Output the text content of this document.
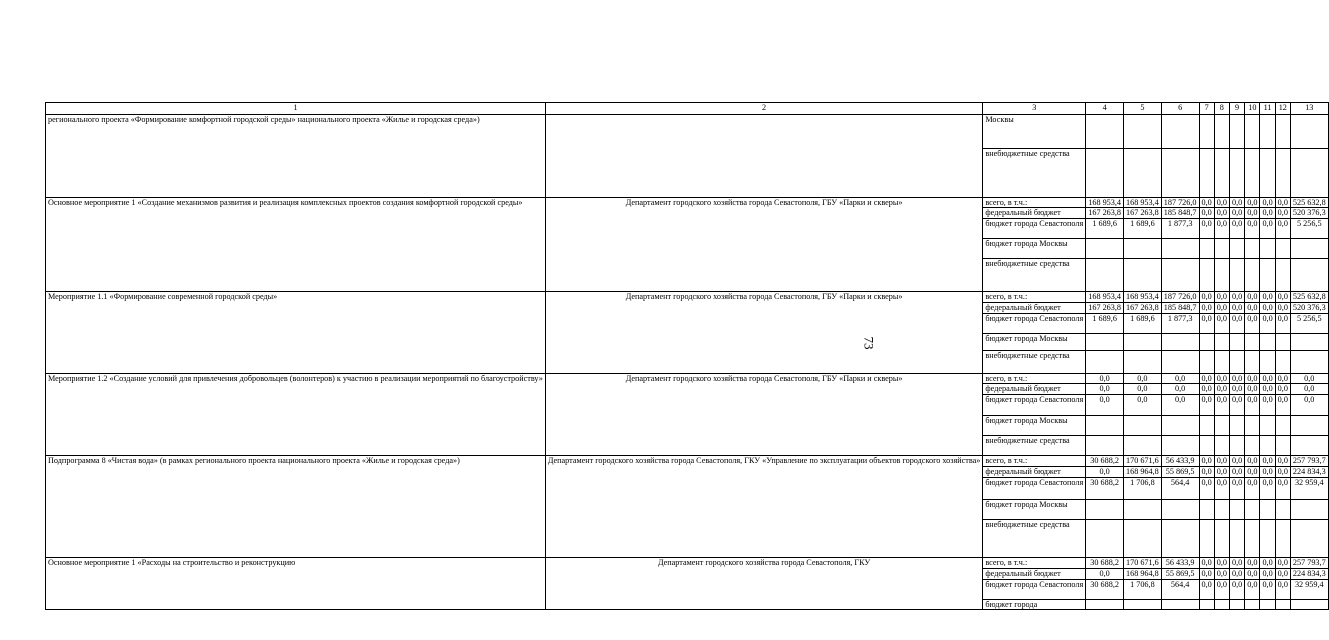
73
1	2	3	4	5	6	7	8	9	10	11	12	13
регионального проекта «Формирование комфортной городской среды» национального проекта «Жилье и городская среда»)		Москвы										
		внебюджетные средства										
Основное мероприятие 1 «Создание механизмов развития и реализация комплексных проектов создания комфортной городской среды»	Департамент городского хозяйства города Севастополя, ГБУ «Парки и скверы»	всего, в т.ч.:	168 953,4	168 953,4	187 726,0	0,0	0,0	0,0	0,0	0,0	0,0	525 632,8
		федеральный бюджет	167 263,8	167 263,8	185 848,7	0,0	0,0	0,0	0,0	0,0	0,0	520 376,3
		бюджет города Севастополя	1 689,6	1 689,6	1 877,3	0,0	0,0	0,0	0,0	0,0	0,0	5 256,5
		бюджет города Москвы										
		внебюджетные средства										
Мероприятие 1.1 «Формирование современной городской среды»	Департамент городского хозяйства города Севастополя, ГБУ «Парки и скверы»	всего, в т.ч.:	168 953,4	168 953,4	187 726,0	0,0	0,0	0,0	0,0	0,0	0,0	525 632,8
		федеральный бюджет	167 263,8	167 263,8	185 848,7	0,0	0,0	0,0	0,0	0,0	0,0	520 376,3
		бюджет города Севастополя	1 689,6	1 689,6	1 877,3	0,0	0,0	0,0	0,0	0,0	0,0	5 256,5
		бюджет города Москвы										
		внебюджетные средства										
Мероприятие 1.2 «Создание условий для привлечения добровольцев (волонтеров) к участию в реализации мероприятий по благоустройству»	Департамент городского хозяйства города Севастополя, ГБУ «Парки и скверы»	всего, в т.ч.:	0,0	0,0	0,0	0,0	0,0	0,0	0,0	0,0	0,0	0,0
		федеральный бюджет	0,0	0,0	0,0	0,0	0,0	0,0	0,0	0,0	0,0	0,0
		бюджет города Севастополя	0,0	0,0	0,0	0,0	0,0	0,0	0,0	0,0	0,0	0,0
		бюджет города Москвы										
		внебюджетные средства										
Подпрограмма 8 «Чистая вода» (в рамках регионального проекта национального проекта «Жилье и городская среда»)	Департамент городского хозяйства города Севастополя, ГКУ «Управление по эксплуатации объектов городского хозяйства»	всего, в т.ч.:	30 688,2	170 671,6	56 433,9	0,0	0,0	0,0	0,0	0,0	0,0	257 793,7
		федеральный бюджет	0,0	168 964,8	55 869,5	0,0	0,0	0,0	0,0	0,0	0,0	224 834,3
		бюджет города Севастополя	30 688,2	1 706,8	564,4	0,0	0,0	0,0	0,0	0,0	0,0	32 959,4
		бюджет города Москвы										
		внебюджетные средства										
Основное мероприятие 1 «Расходы на строительство и реконструкцию	Департамент городского хозяйства города Севастополя, ГКУ	всего, в т.ч.:	30 688,2	170 671,6	56 433,9	0,0	0,0	0,0	0,0	0,0	0,0	257 793,7
		федеральный бюджет	0,0	168 964,8	55 869,5	0,0	0,0	0,0	0,0	0,0	0,0	224 834,3
		бюджет города Севастополя	30 688,2	1 706,8	564,4	0,0	0,0	0,0	0,0	0,0	0,0	32 959,4
		бюджет города										
